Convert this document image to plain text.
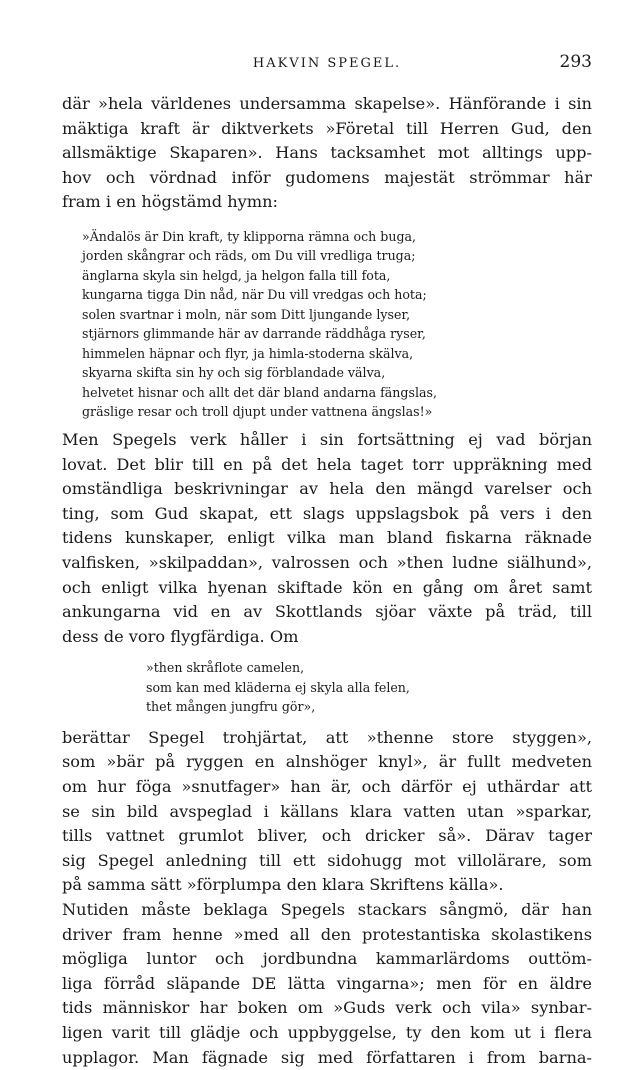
HAKVIN SPEGEL.	293
där »hela världenes undersamma skapelse». Hänförande i sin
mäktiga kraft är diktverkets »Företal till Herren Gud, den
allsmäktige Skaparen». Hans tacksamhet mot alltings upp-
hov och vördnad inför gudomens majestät strömmar här
fram i en högstämd hymn:
»Ändalös är Din kraft, ty klipporna rämna och buga,
jorden skångrar och räds, om Du vill vredliga truga;
änglarna skyla sin helgd, ja helgon falla till fota,
kungarna tigga Din nåd, när Du vill vredgas och hota;
solen svartnar i moln, när som Ditt ljungande lyser,
stjärnors glimmande här av darrande räddhåga ryser,
himmelen häpnar och flyr, ja himla-stoderna skälva,
skyarna skifta sin hy och sig förblandade välva,
helvetet hisnar och allt det där bland andarna fängslas,
gräslige resar och troll djupt under vattnena ängslas!»
Men Spegels verk håller i sin fortsättning ej vad början
lovat. Det blir till en på det hela taget torr uppräkning med
omständliga beskrivningar av hela den mängd varelser och
ting, som Gud skapat, ett slags uppslagsbok på vers i den
tidens kunskaper, enligt vilka man bland fiskarna räknade
valfisken, »skilpaddan», valrossen och »then ludne siälhund»,
och enligt vilka hyenan skiftade kön en gång om året samt
ankungarna vid en av Skottlands sjöar växte på träd, till
dess de voro flygfärdiga. Om
»then skråflote camelen,
som kan med kläderna ej skyla alla felen,
thet mången jungfru gör»,
berättar Spegel trohjärtat, att »thenne store styggen»,
som »bär på ryggen en alnshöger knyl», är fullt medveten
om hur föga »snutfager» han är, och därför ej uthärdar att
se sin bild avspeglad i källans klara vatten utan »sparkar,
tills vattnet grumlot bliver, och dricker så». Därav tager
sig Spegel anledning till ett sidohugg mot villolärare, som
på samma sätt »förplumpa den klara Skriftens källa».
Nutiden måste beklaga Spegels stackars sångmö, där han
driver fram henne »med all den protestantiska skolastikens
mögliga luntor och jordbundna kammarlärdoms outtöm-
liga förråd släpande DE lätta vingarna»; men för en äldre
tids människor har boken om »Guds verk och vila» synbar-
ligen varit till glädje och uppbyggelse, ty den kom ut i flera
upplagor. Man fägnade sig med författaren i from barna-
